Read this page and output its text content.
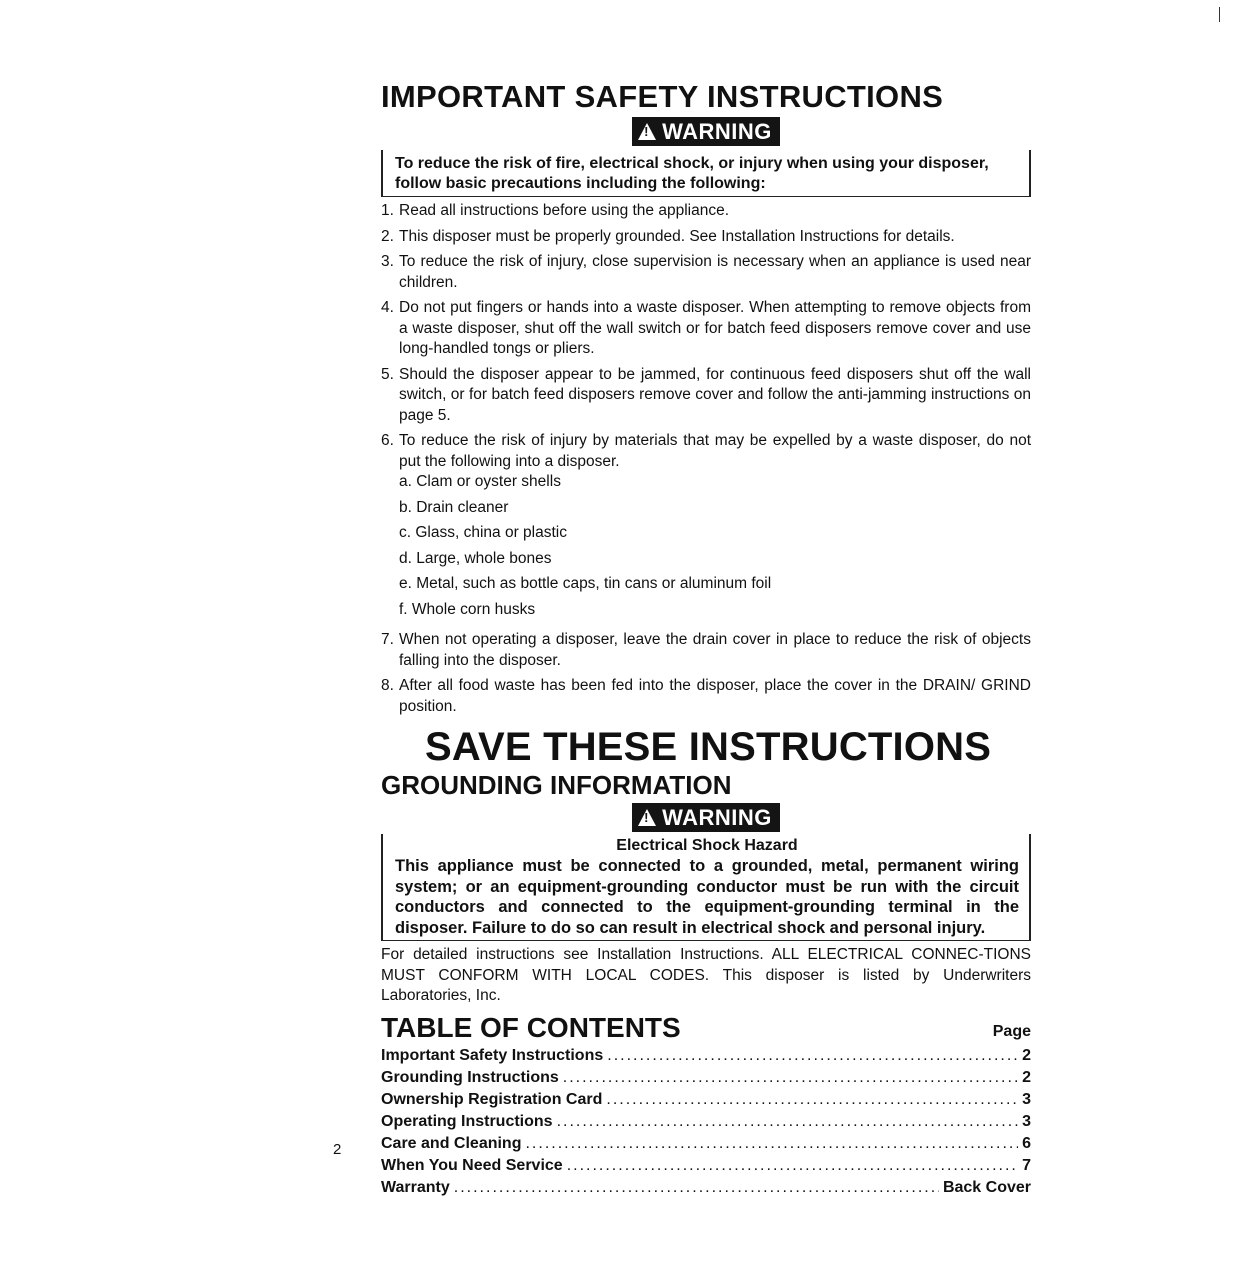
IMPORTANT SAFETY INSTRUCTIONS
!WARNING
To reduce the risk of fire, electrical shock, or injury when using your disposer, follow basic precautions including the following:
1. Read all instructions before using the appliance.
2. This disposer must be properly grounded. See Installation Instructions for details.
3. To reduce the risk of injury, close supervision is necessary when an appliance is used near children.
4. Do not put fingers or hands into a waste disposer. When attempting to remove objects from a waste disposer, shut off the wall switch or for batch feed disposers remove cover and use long-handled tongs or pliers.
5. Should the disposer appear to be jammed, for continuous feed disposers shut off the wall switch, or for batch feed disposers remove cover and follow the anti-jamming instructions on page 5.
6. To reduce the risk of injury by materials that may be expelled by a waste disposer, do not put the following into a disposer.
a. Clam or oyster shells
b. Drain cleaner
c. Glass, china or plastic
d. Large, whole bones
e. Metal, such as bottle caps, tin cans or aluminum foil
f. Whole corn husks
7. When not operating a disposer, leave the drain cover in place to reduce the risk of objects falling into the disposer.
8. After all food waste has been fed into the disposer, place the cover in the DRAIN/ GRIND position.
SAVE THESE INSTRUCTIONS
GROUNDING INFORMATION
!WARNING
Electrical Shock Hazard
This appliance must be connected to a grounded, metal, permanent wiring system; or an equipment-grounding conductor must be run with the circuit conductors and connected to the equipment-grounding terminal in the disposer. Failure to do so can result in electrical shock and personal injury.
For detailed instructions see Installation Instructions. ALL ELECTRICAL CONNEC-TIONS MUST CONFORM WITH LOCAL CODES. This disposer is listed by Underwriters Laboratories, Inc.
TABLE OF CONTENTS	Page
Important Safety Instructions .....	2
Grounding Instructions .....	2
Ownership Registration Card .....	3
Operating Instructions .....	3
Care and Cleaning .....	6
When You Need Service .....	7
Warranty .....	Back Cover
2
